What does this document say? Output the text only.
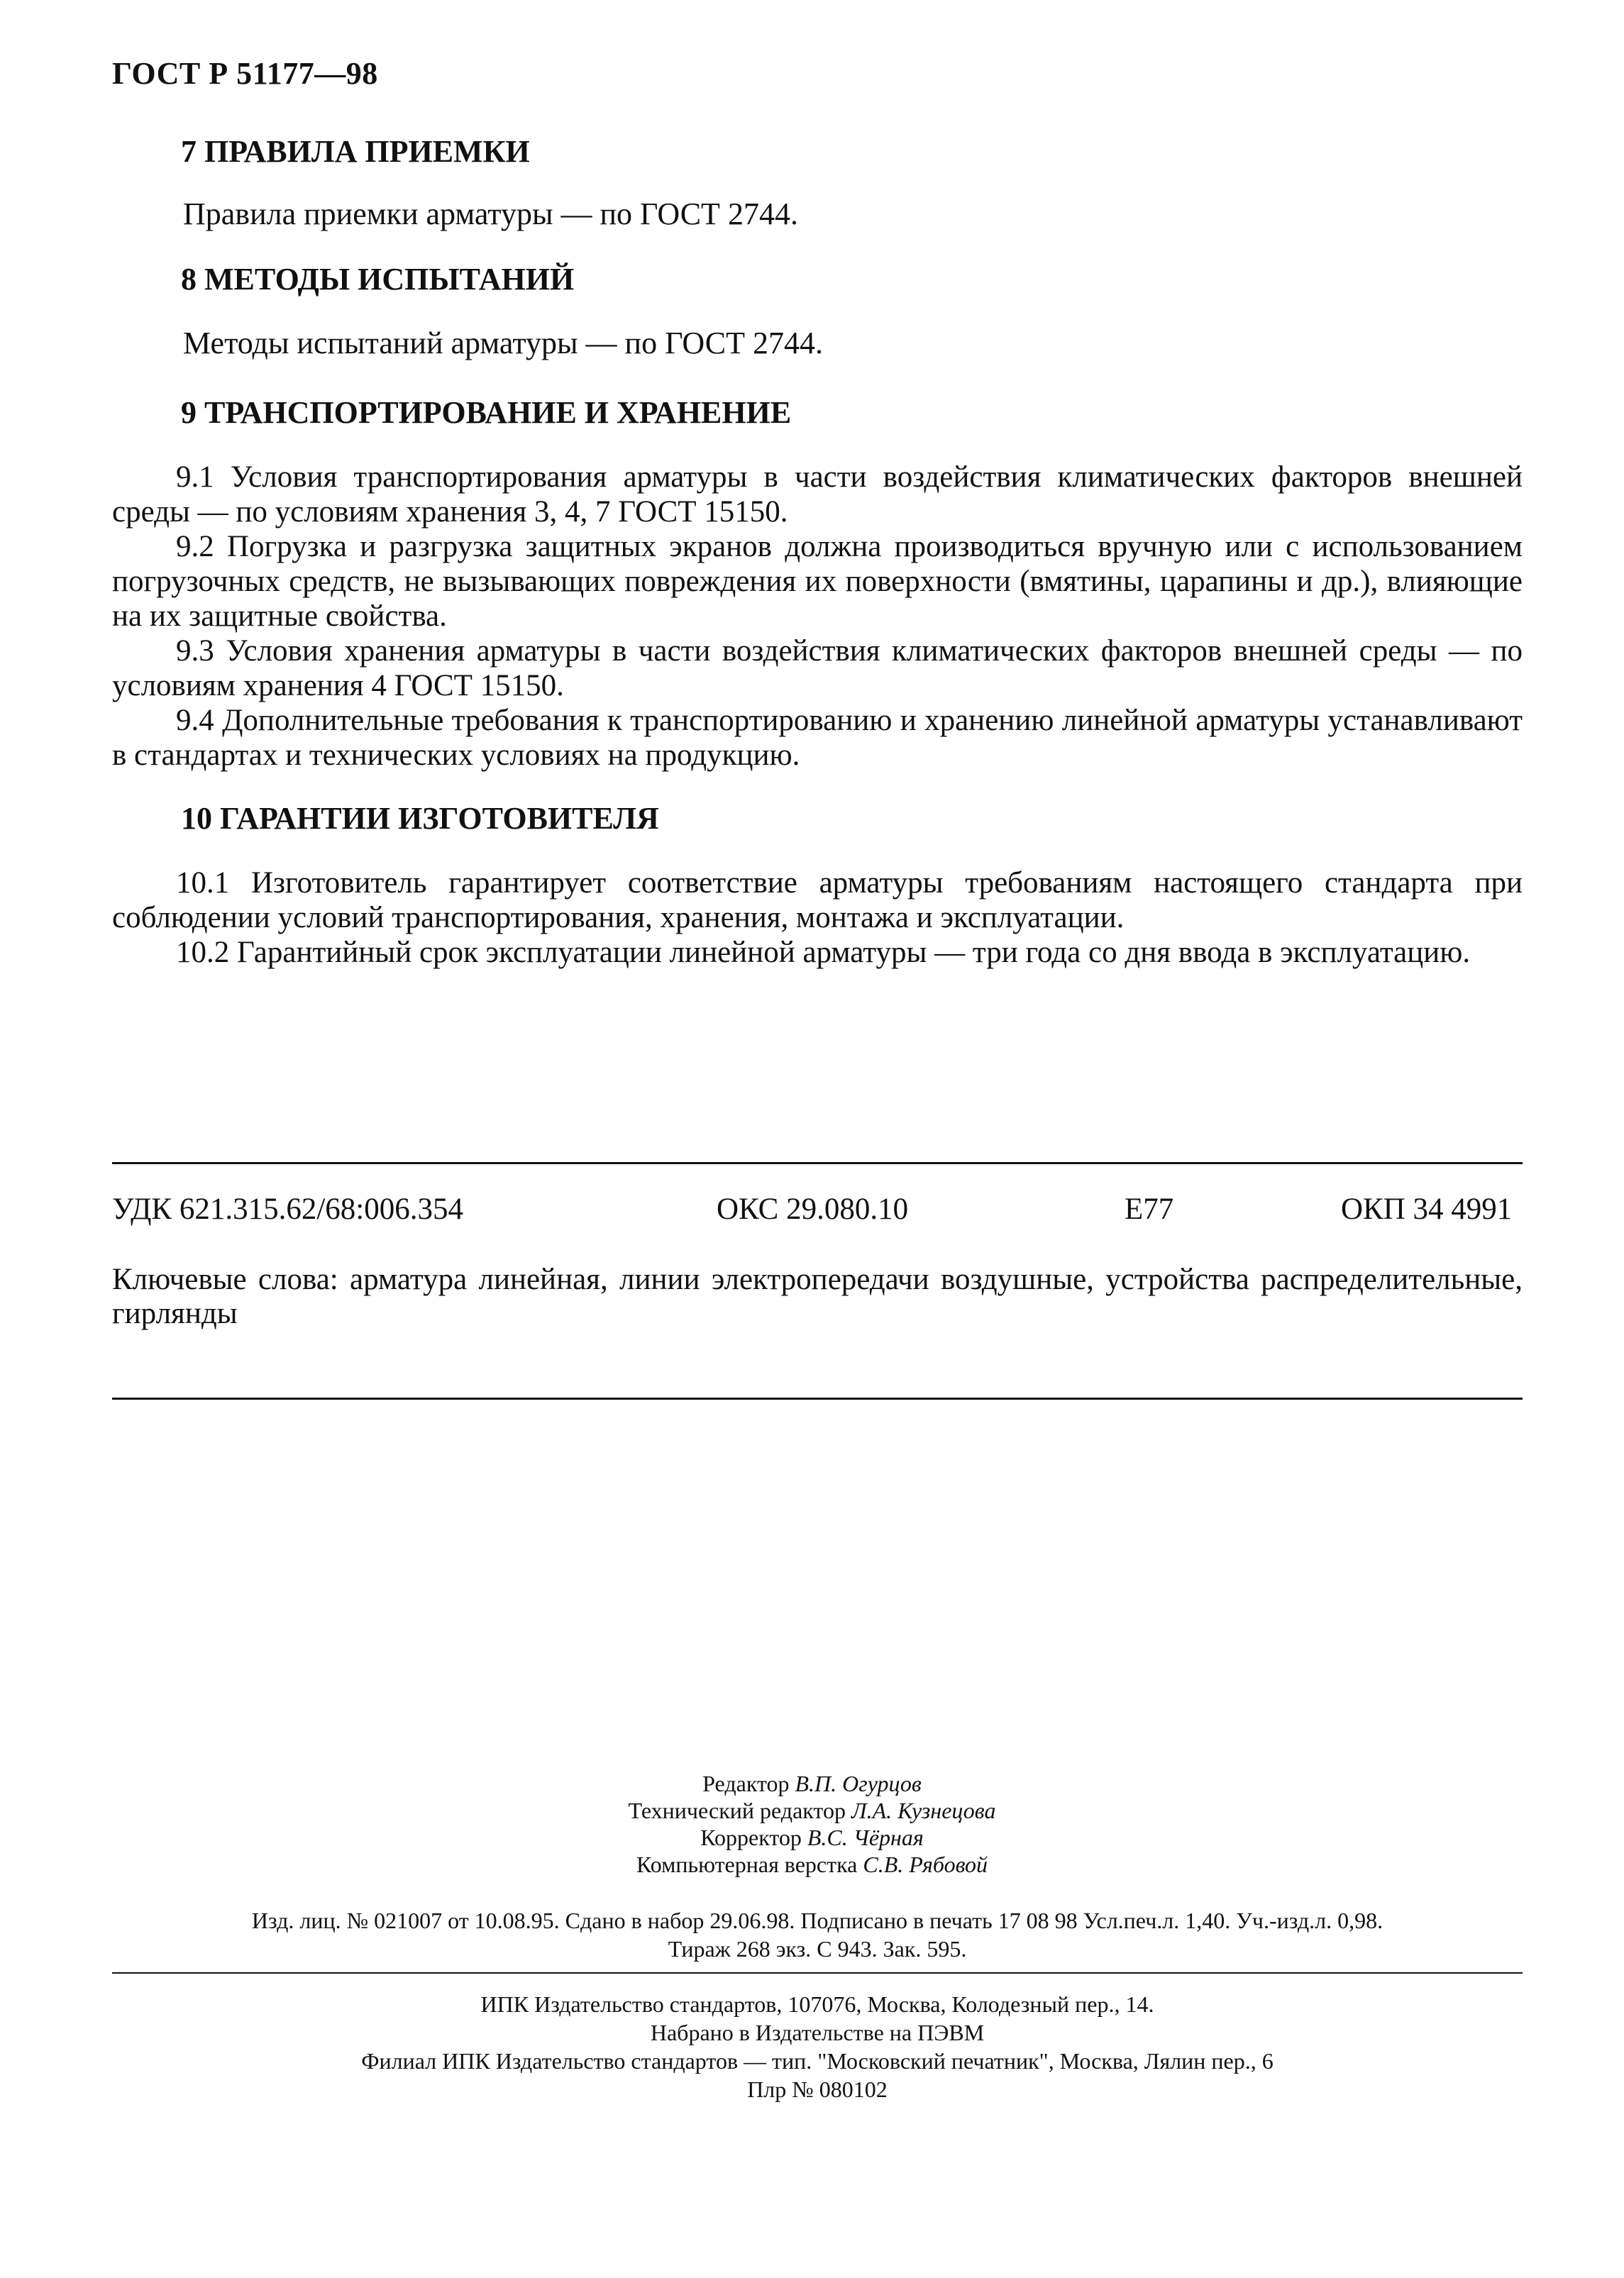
ГОСТ Р 51177—98
7 ПРАВИЛА ПРИЕМКИ
Правила приемки арматуры — по ГОСТ 2744.
8 МЕТОДЫ ИСПЫТАНИЙ
Методы испытаний арматуры — по ГОСТ 2744.
9 ТРАНСПОРТИРОВАНИЕ И ХРАНЕНИЕ
9.1 Условия транспортирования арматуры в части воздействия климатических факторов внешней среды — по условиям хранения 3, 4, 7 ГОСТ 15150.
9.2 Погрузка и разгрузка защитных экранов должна производиться вручную или с использованием погрузочных средств, не вызывающих повреждения их поверхности (вмятины, царапины и др.), влияющие на их защитные свойства.
9.3 Условия хранения арматуры в части воздействия климатических факторов внешней среды — по условиям хранения 4 ГОСТ 15150.
9.4 Дополнительные требования к транспортированию и хранению линейной арматуры устанавливают в стандартах и технических условиях на продукцию.
10 ГАРАНТИИ ИЗГОТОВИТЕЛЯ
10.1 Изготовитель гарантирует соответствие арматуры требованиям настоящего стандарта при соблюдении условий транспортирования, хранения, монтажа и эксплуатации.
10.2 Гарантийный срок эксплуатации линейной арматуры — три года со дня ввода в эксплуатацию.
УДК 621.315.62/68:006.354	ОКС 29.080.10	Е77	ОКП 34 4991
Ключевые слова: арматура линейная, линии электропередачи воздушные, устройства распределительные, гирлянды
Редактор В.П. Огурцов
Технический редактор Л.А. Кузнецова
Корректор В.С. Чёрная
Компьютерная верстка С.В. Рябовой
Изд. лиц. № 021007 от 10.08.95. Сдано в набор 29.06.98. Подписано в печать 17 08 98 Усл.печ.л. 1,40. Уч.-изд.л. 0,98.
Тираж 268 экз. С 943. Зак. 595.
ИПК Издательство стандартов, 107076, Москва, Колодезный пер., 14.
Набрано в Издательстве на ПЭВМ
Филиал ИПК Издательство стандартов — тип. "Московский печатник", Москва, Лялин пер., 6
Плр № 080102
